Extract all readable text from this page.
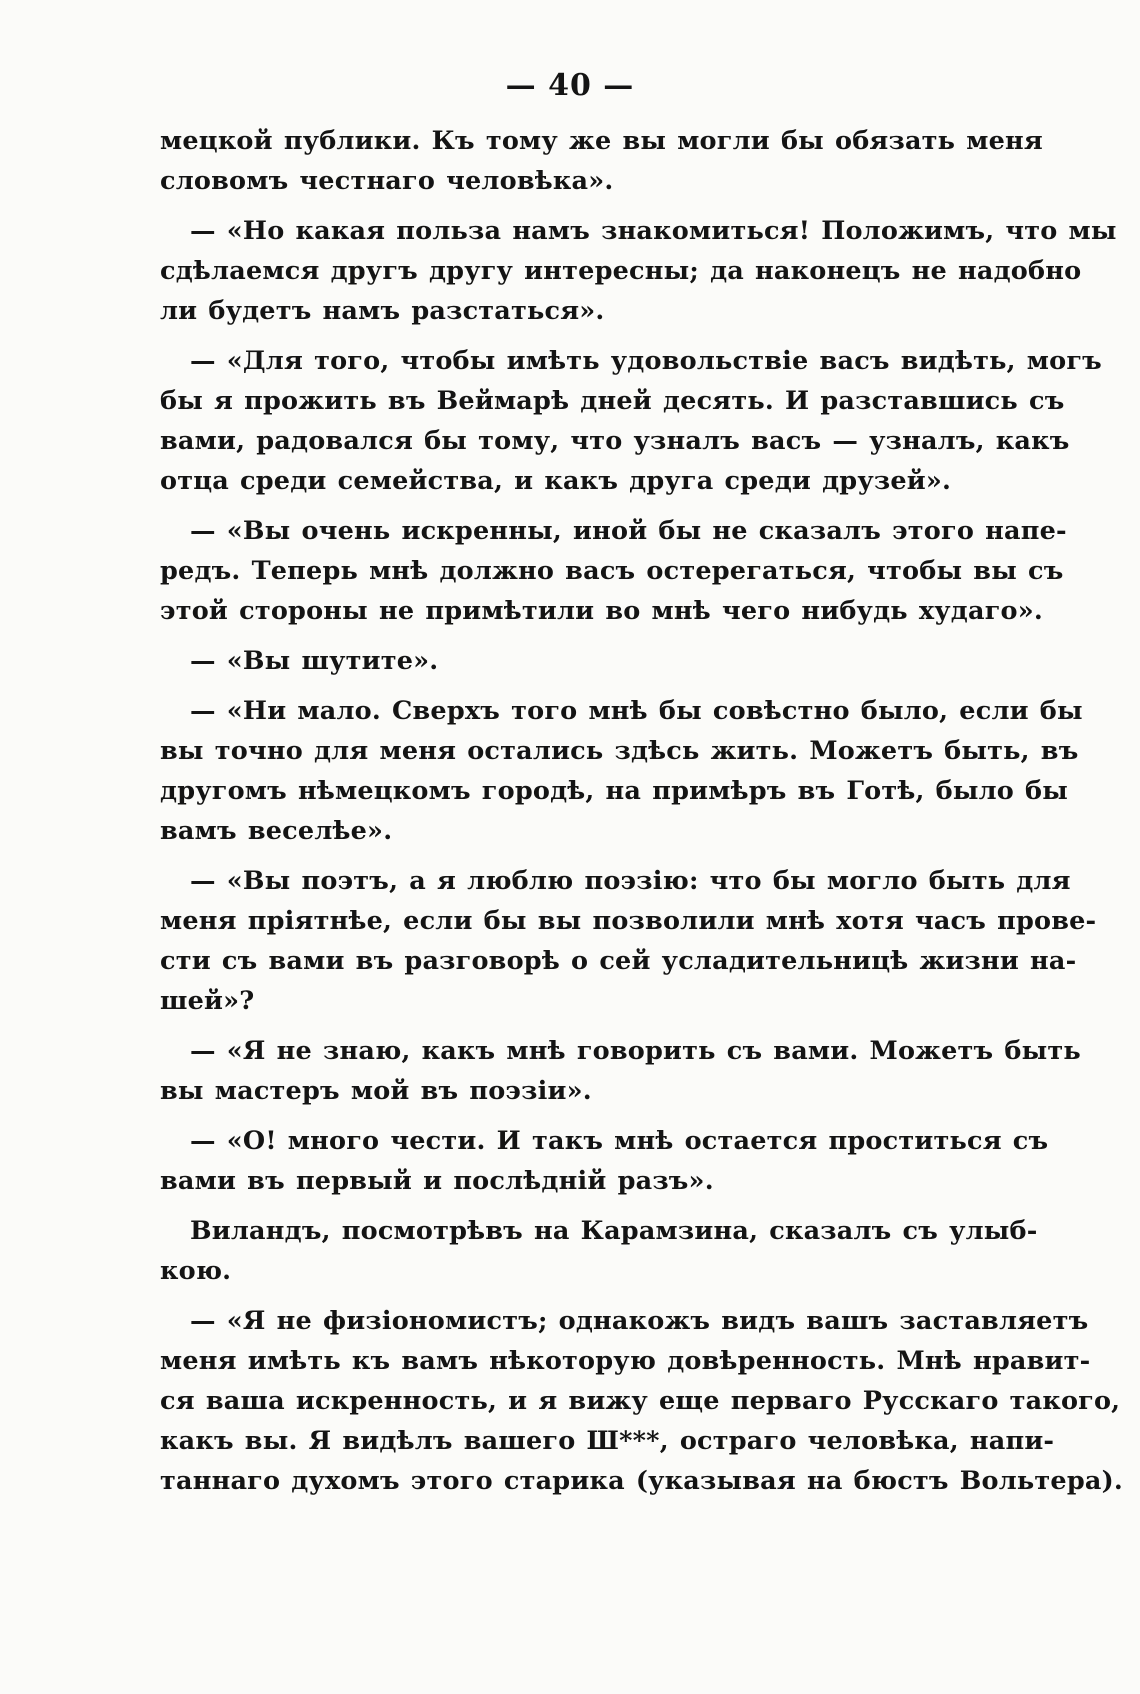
— 40 —
мецкой публики. Къ тому же вы могли бы обязать меня
словомъ честнаго человѣка».
— «Но какая польза намъ знакомиться! Положимъ, что мы
сдѣлаемся другъ другу интересны; да наконецъ не надобно
ли будетъ намъ разстаться».
— «Для того, чтобы имѣть удовольствіе васъ видѣть, могъ
бы я прожить въ Веймарѣ дней десять. И разставшись съ
вами, радовался бы тому, что узналъ васъ — узналъ, какъ
отца среди семейства, и какъ друга среди друзей».
— «Вы очень искренны, иной бы не сказалъ этого напе-
редъ. Теперь мнѣ должно васъ остерегаться, чтобы вы съ
этой стороны не примѣтили во мнѣ чего нибудь худаго».
— «Вы шутите».
— «Ни мало. Сверхъ того мнѣ бы совѣстно было, если бы
вы точно для меня остались здѣсь жить. Можетъ быть, въ
другомъ нѣмецкомъ городѣ, на примѣръ въ Готѣ, было бы
вамъ веселѣе».
— «Вы поэтъ, а я люблю поэзію: что бы могло быть для
меня пріятнѣе, если бы вы позволили мнѣ хотя часъ прове-
сти съ вами въ разговорѣ о сей усладительницѣ жизни на-
шей»?
— «Я не знаю, какъ мнѣ говорить съ вами. Можетъ быть
вы мастеръ мой въ поэзіи».
— «О! много чести. И такъ мнѣ остается проститься съ
вами въ первый и послѣдній разъ».
Виландъ, посмотрѣвъ на Карамзина, сказалъ съ улыб-
кою.
— «Я не физіономистъ; однакожъ видъ вашъ заставляетъ
меня имѣть къ вамъ нѣкоторую довѣренность. Мнѣ нравит-
ся ваша искренность, и я вижу еще перваго Русскаго такого,
какъ вы. Я видѣлъ вашего Ш***, остраго человѣка, напи-
таннаго духомъ этого старика (указывая на бюстъ Вольтера).
